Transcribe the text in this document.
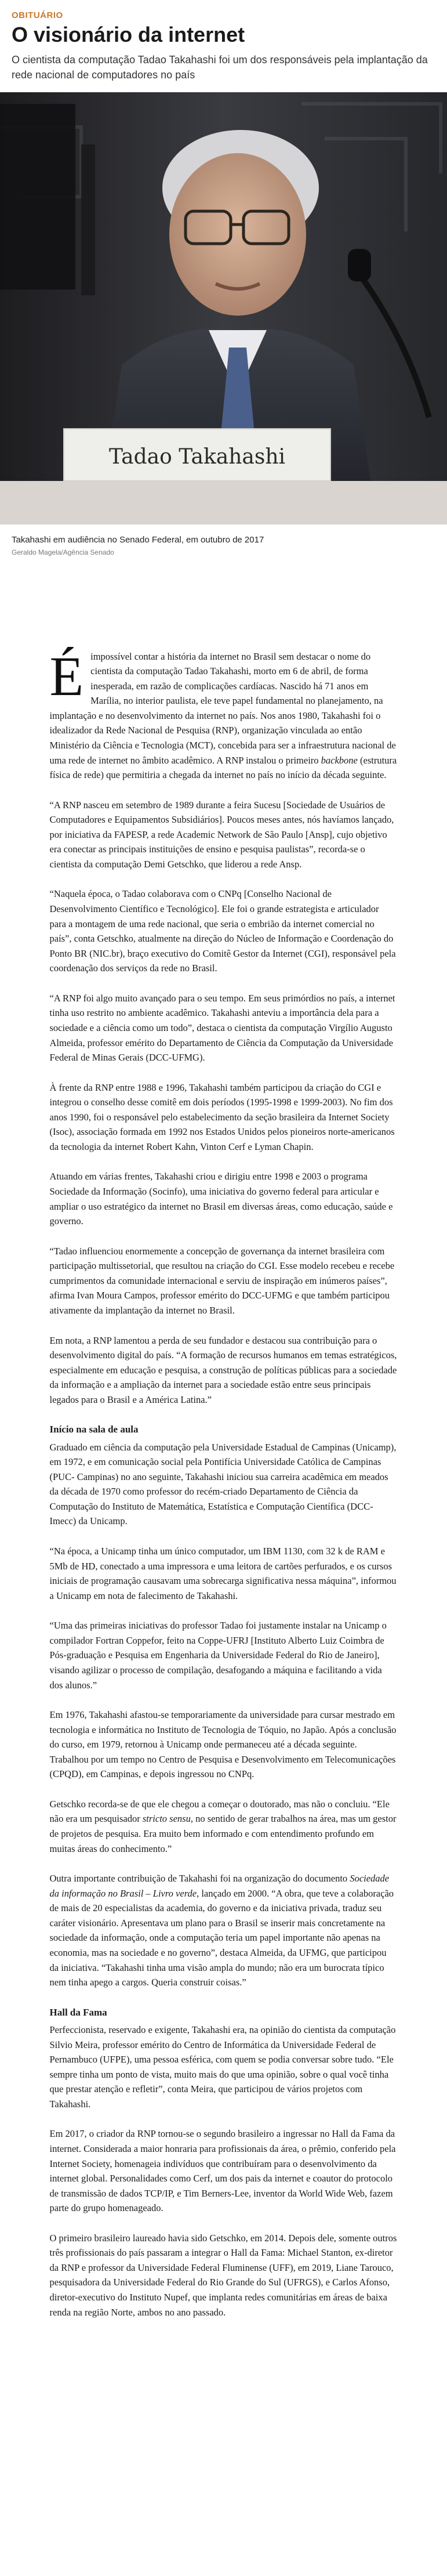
OBITUÁRIO
O visionário da internet

O cientista da computação Tadao Takahashi foi um dos responsáveis pela implantação da rede nacional de computadores no país

Tadao Takahashi

Takahashi em audiência no Senado Federal, em outubro de 2017

Geraldo Magela/Agência Senado

Éimpossível contar a história da internet no Brasil sem destacar o nome do cientista da computação Tadao Takahashi, morto em 6 de abril, de forma inesperada, em razão de complicações cardíacas. Nascido há 71 anos em Marília, no interior paulista, ele teve papel fundamental no planejamento, na implantação e no desenvolvimento da internet no país. Nos anos 1980, Takahashi foi o idealizador da Rede Nacional de Pesquisa (RNP), organização vinculada ao então Ministério da Ciência e Tecnologia (MCT), concebida para ser a infraestrutura nacional de uma rede de internet no âmbito acadêmico. A RNP instalou o primeiro backbone (estrutura física de rede) que permitiria a chegada da internet no país no início da década seguinte.

“A RNP nasceu em setembro de 1989 durante a feira Sucesu [Sociedade de Usuários de Computadores e Equipamentos Subsidiários]. Poucos meses antes, nós havíamos lançado, por iniciativa da FAPESP, a rede Academic Network de São Paulo [Ansp], cujo objetivo era conectar as principais instituições de ensino e pesquisa paulistas”, recorda-se o cientista da computação Demi Getschko, que liderou a rede Ansp.

“Naquela época, o Tadao colaborava com o CNPq [Conselho Nacional de Desenvolvimento Científico e Tecnológico]. Ele foi o grande estrategista e articulador para a montagem de uma rede nacional, que seria o embrião da internet comercial no país”, conta Getschko, atualmente na direção do Núcleo de Informação e Coordenação do Ponto BR (NIC.br), braço executivo do Comitê Gestor da Internet (CGI), responsável pela coordenação dos serviços da rede no Brasil.

“A RNP foi algo muito avançado para o seu tempo. Em seus primórdios no país, a internet tinha uso restrito no ambiente acadêmico. Takahashi anteviu a importância dela para a sociedade e a ciência como um todo”, destaca o cientista da computação Virgílio Augusto Almeida, professor emérito do Departamento de Ciência da Computação da Universidade Federal de Minas Gerais (DCC-UFMG).

À frente da RNP entre 1988 e 1996, Takahashi também participou da criação do CGI e integrou o conselho desse comitê em dois períodos (1995-1998 e 1999-2003). No fim dos anos 1990, foi o responsável pelo estabelecimento da seção brasileira da Internet Society (Isoc), associação formada em 1992 nos Estados Unidos pelos pioneiros norte-americanos da tecnologia da internet Robert Kahn, Vinton Cerf e Lyman Chapin.

Atuando em várias frentes, Takahashi criou e dirigiu entre 1998 e 2003 o programa Sociedade da Informação (Socinfo), uma iniciativa do governo federal para articular e ampliar o uso estratégico da internet no Brasil em diversas áreas, como educação, saúde e governo.

“Tadao influenciou enormemente a concepção de governança da internet brasileira com participação multissetorial, que resultou na criação do CGI. Esse modelo recebeu e recebe cumprimentos da comunidade internacional e serviu de inspiração em inúmeros países”, afirma Ivan Moura Campos, professor emérito do DCC-UFMG e que também participou ativamente da implantação da internet no Brasil.

Em nota, a RNP lamentou a perda de seu fundador e destacou sua contribuição para o desenvolvimento digital do país. “A formação de recursos humanos em temas estratégicos, especialmente em educação e pesquisa, a construção de políticas públicas para a sociedade da informação e a ampliação da internet para a sociedade estão entre seus principais legados para o Brasil e a América Latina.”

Início na sala de aula

Graduado em ciência da computação pela Universidade Estadual de Campinas (Unicamp), em 1972, e em comunicação social pela Pontifícia Universidade Católica de Campinas (PUC- Campinas) no ano seguinte, Takahashi iniciou sua carreira acadêmica em meados da década de 1970 como professor do recém-criado Departamento de Ciência da Computação do Instituto de Matemática, Estatística e Computação Científica (DCC-Imecc) da Unicamp.

“Na época, a Unicamp tinha um único computador, um IBM 1130, com 32 k de RAM e 5Mb de HD, conectado a uma impressora e uma leitora de cartões perfurados, e os cursos iniciais de programação causavam uma sobrecarga significativa nessa máquina”, informou a Unicamp em nota de falecimento de Takahashi.

“Uma das primeiras iniciativas do professor Tadao foi justamente instalar na Unicamp o compilador Fortran Coppefor, feito na Coppe-UFRJ [Instituto Alberto Luiz Coimbra de Pós-graduação e Pesquisa em Engenharia da Universidade Federal do Rio de Janeiro], visando agilizar o processo de compilação, desafogando a máquina e facilitando a vida dos alunos.”

Em 1976, Takahashi afastou-se temporariamente da universidade para cursar mestrado em tecnologia e informática no Instituto de Tecnologia de Tóquio, no Japão. Após a conclusão do curso, em 1979, retornou à Unicamp onde permaneceu até a década seguinte. Trabalhou por um tempo no Centro de Pesquisa e Desenvolvimento em Telecomunicações (CPQD), em Campinas, e depois ingressou no CNPq.

Getschko recorda-se de que ele chegou a começar o doutorado, mas não o concluiu. “Ele não era um pesquisador stricto sensu, no sentido de gerar trabalhos na área, mas um gestor de projetos de pesquisa. Era muito bem informado e com entendimento profundo em muitas áreas do conhecimento.”

Outra importante contribuição de Takahashi foi na organização do documento Sociedade da informação no Brasil – Livro verde, lançado em 2000. “A obra, que teve a colaboração de mais de 20 especialistas da academia, do governo e da iniciativa privada, traduz seu caráter visionário. Apresentava um plano para o Brasil se inserir mais concretamente na sociedade da informação, onde a computação teria um papel importante não apenas na economia, mas na sociedade e no governo”, destaca Almeida, da UFMG, que participou da iniciativa. “Takahashi tinha uma visão ampla do mundo; não era um burocrata típico nem tinha apego a cargos. Queria construir coisas.”

Hall da Fama

Perfeccionista, reservado e exigente, Takahashi era, na opinião do cientista da computação Silvio Meira, professor emérito do Centro de Informática da Universidade Federal de Pernambuco (UFPE), uma pessoa esférica, com quem se podia conversar sobre tudo. “Ele sempre tinha um ponto de vista, muito mais do que uma opinião, sobre o qual você tinha que prestar atenção e refletir”, conta Meira, que participou de vários projetos com Takahashi.

Em 2017, o criador da RNP tornou-se o segundo brasileiro a ingressar no Hall da Fama da internet. Considerada a maior honraria para profissionais da área, o prêmio, conferido pela Internet Society, homenageia indivíduos que contribuíram para o desenvolvimento da internet global. Personalidades como Cerf, um dos pais da internet e coautor do protocolo de transmissão de dados TCP/IP, e Tim Berners-Lee, inventor da World Wide Web, fazem parte do grupo homenageado.

O primeiro brasileiro laureado havia sido Getschko, em 2014. Depois dele, somente outros três profissionais do país passaram a integrar o Hall da Fama: Michael Stanton, ex-diretor da RNP e professor da Universidade Federal Fluminense (UFF), em 2019, Liane Tarouco, pesquisadora da Universidade Federal do Rio Grande do Sul (UFRGS), e Carlos Afonso, diretor-executivo do Instituto Nupef, que implanta redes comunitárias em áreas de baixa renda na região Norte, ambos no ano passado.
